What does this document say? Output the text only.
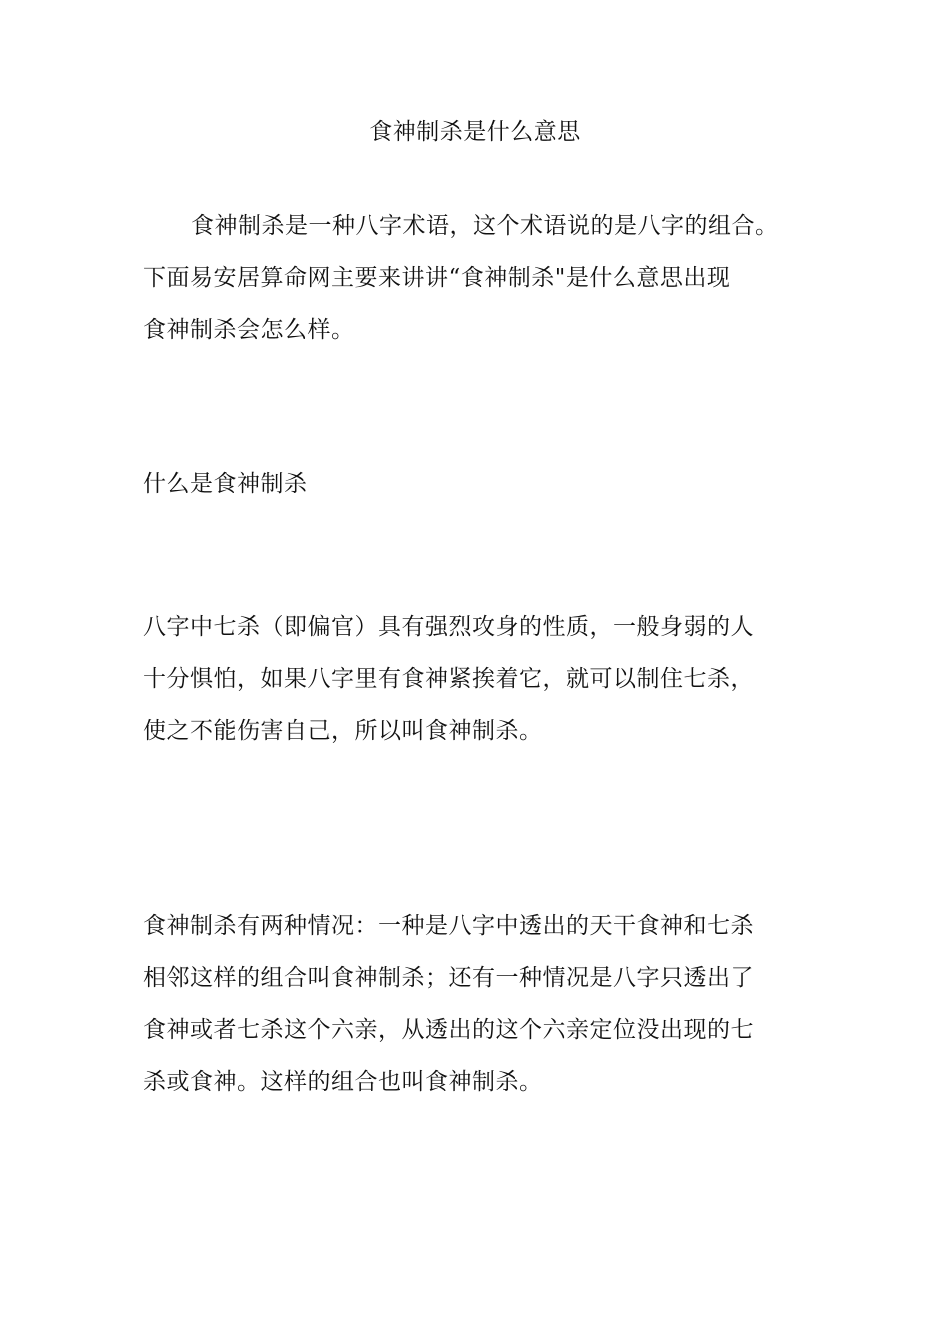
食神制杀是什么意思
食神制杀是一种八字术语，这个术语说的是八字的组合。
下面易安居算命网主要来讲讲“食神制杀"是什么意思出现
食神制杀会怎么样。
什么是食神制杀
八字中七杀（即偏官）具有强烈攻身的性质，一般身弱的人
十分惧怕，如果八字里有食神紧挨着它，就可以制住七杀，
使之不能伤害自己，所以叫食神制杀。
食神制杀有两种情况：一种是八字中透出的天干食神和七杀
相邻这样的组合叫食神制杀；还有一种情况是八字只透出了
食神或者七杀这个六亲，从透出的这个六亲定位没出现的七
杀或食神。这样的组合也叫食神制杀。
